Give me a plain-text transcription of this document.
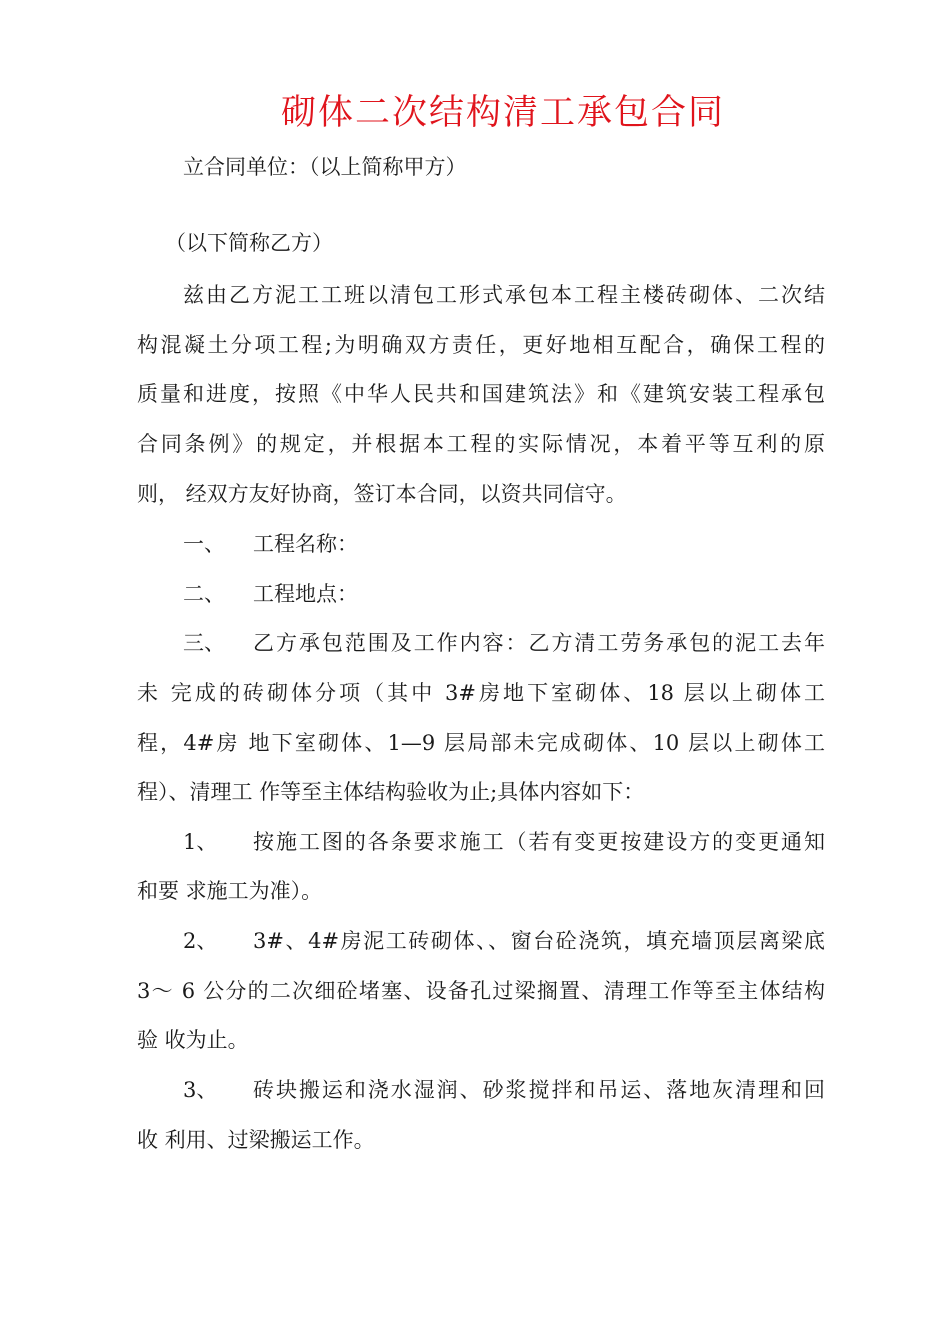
砌体二次结构清工承包合同

立合同单位：（以上简称甲方）

（以下简称乙方）

兹由乙方泥工工班以清包工形式承包本工程主楼砖砌体、二次结

构混凝土分项工程;为明确双方责任，更好地相互配合，确保工程的

质量和进度，按照《中华人民共和国建筑法》和《建筑安装工程承包

合同条例》的规定，并根据本工程的实际情况，本着平等互利的原

则， 经双方友好协商，签订本合同，以资共同信守。

一、 工程名称：
二、 工程地点：
三、 乙方承包范围及工作内容：乙方清工劳务承包的泥工去年

未 完成的砖砌体分项（其中 3#房地下室砌体、18 层以上砌体工

程，4#房 地下室砌体、1—9 层局部未完成砌体、10 层以上砌体工

程）、清理工 作等至主体结构验收为止;具体内容如下：

1、 按施工图的各条要求施工（若有变更按建设方的变更通知

和要 求施工为准）。

2、 3#、4#房泥工砖砌体、、窗台砼浇筑，填充墙顶层离梁底

3～ 6 公分的二次细砼堵塞、设备孔过梁搁置、清理工作等至主体结构

验 收为止。

3、 砖块搬运和浇水湿润、砂浆搅拌和吊运、落地灰清理和回

收 利用、过梁搬运工作。
